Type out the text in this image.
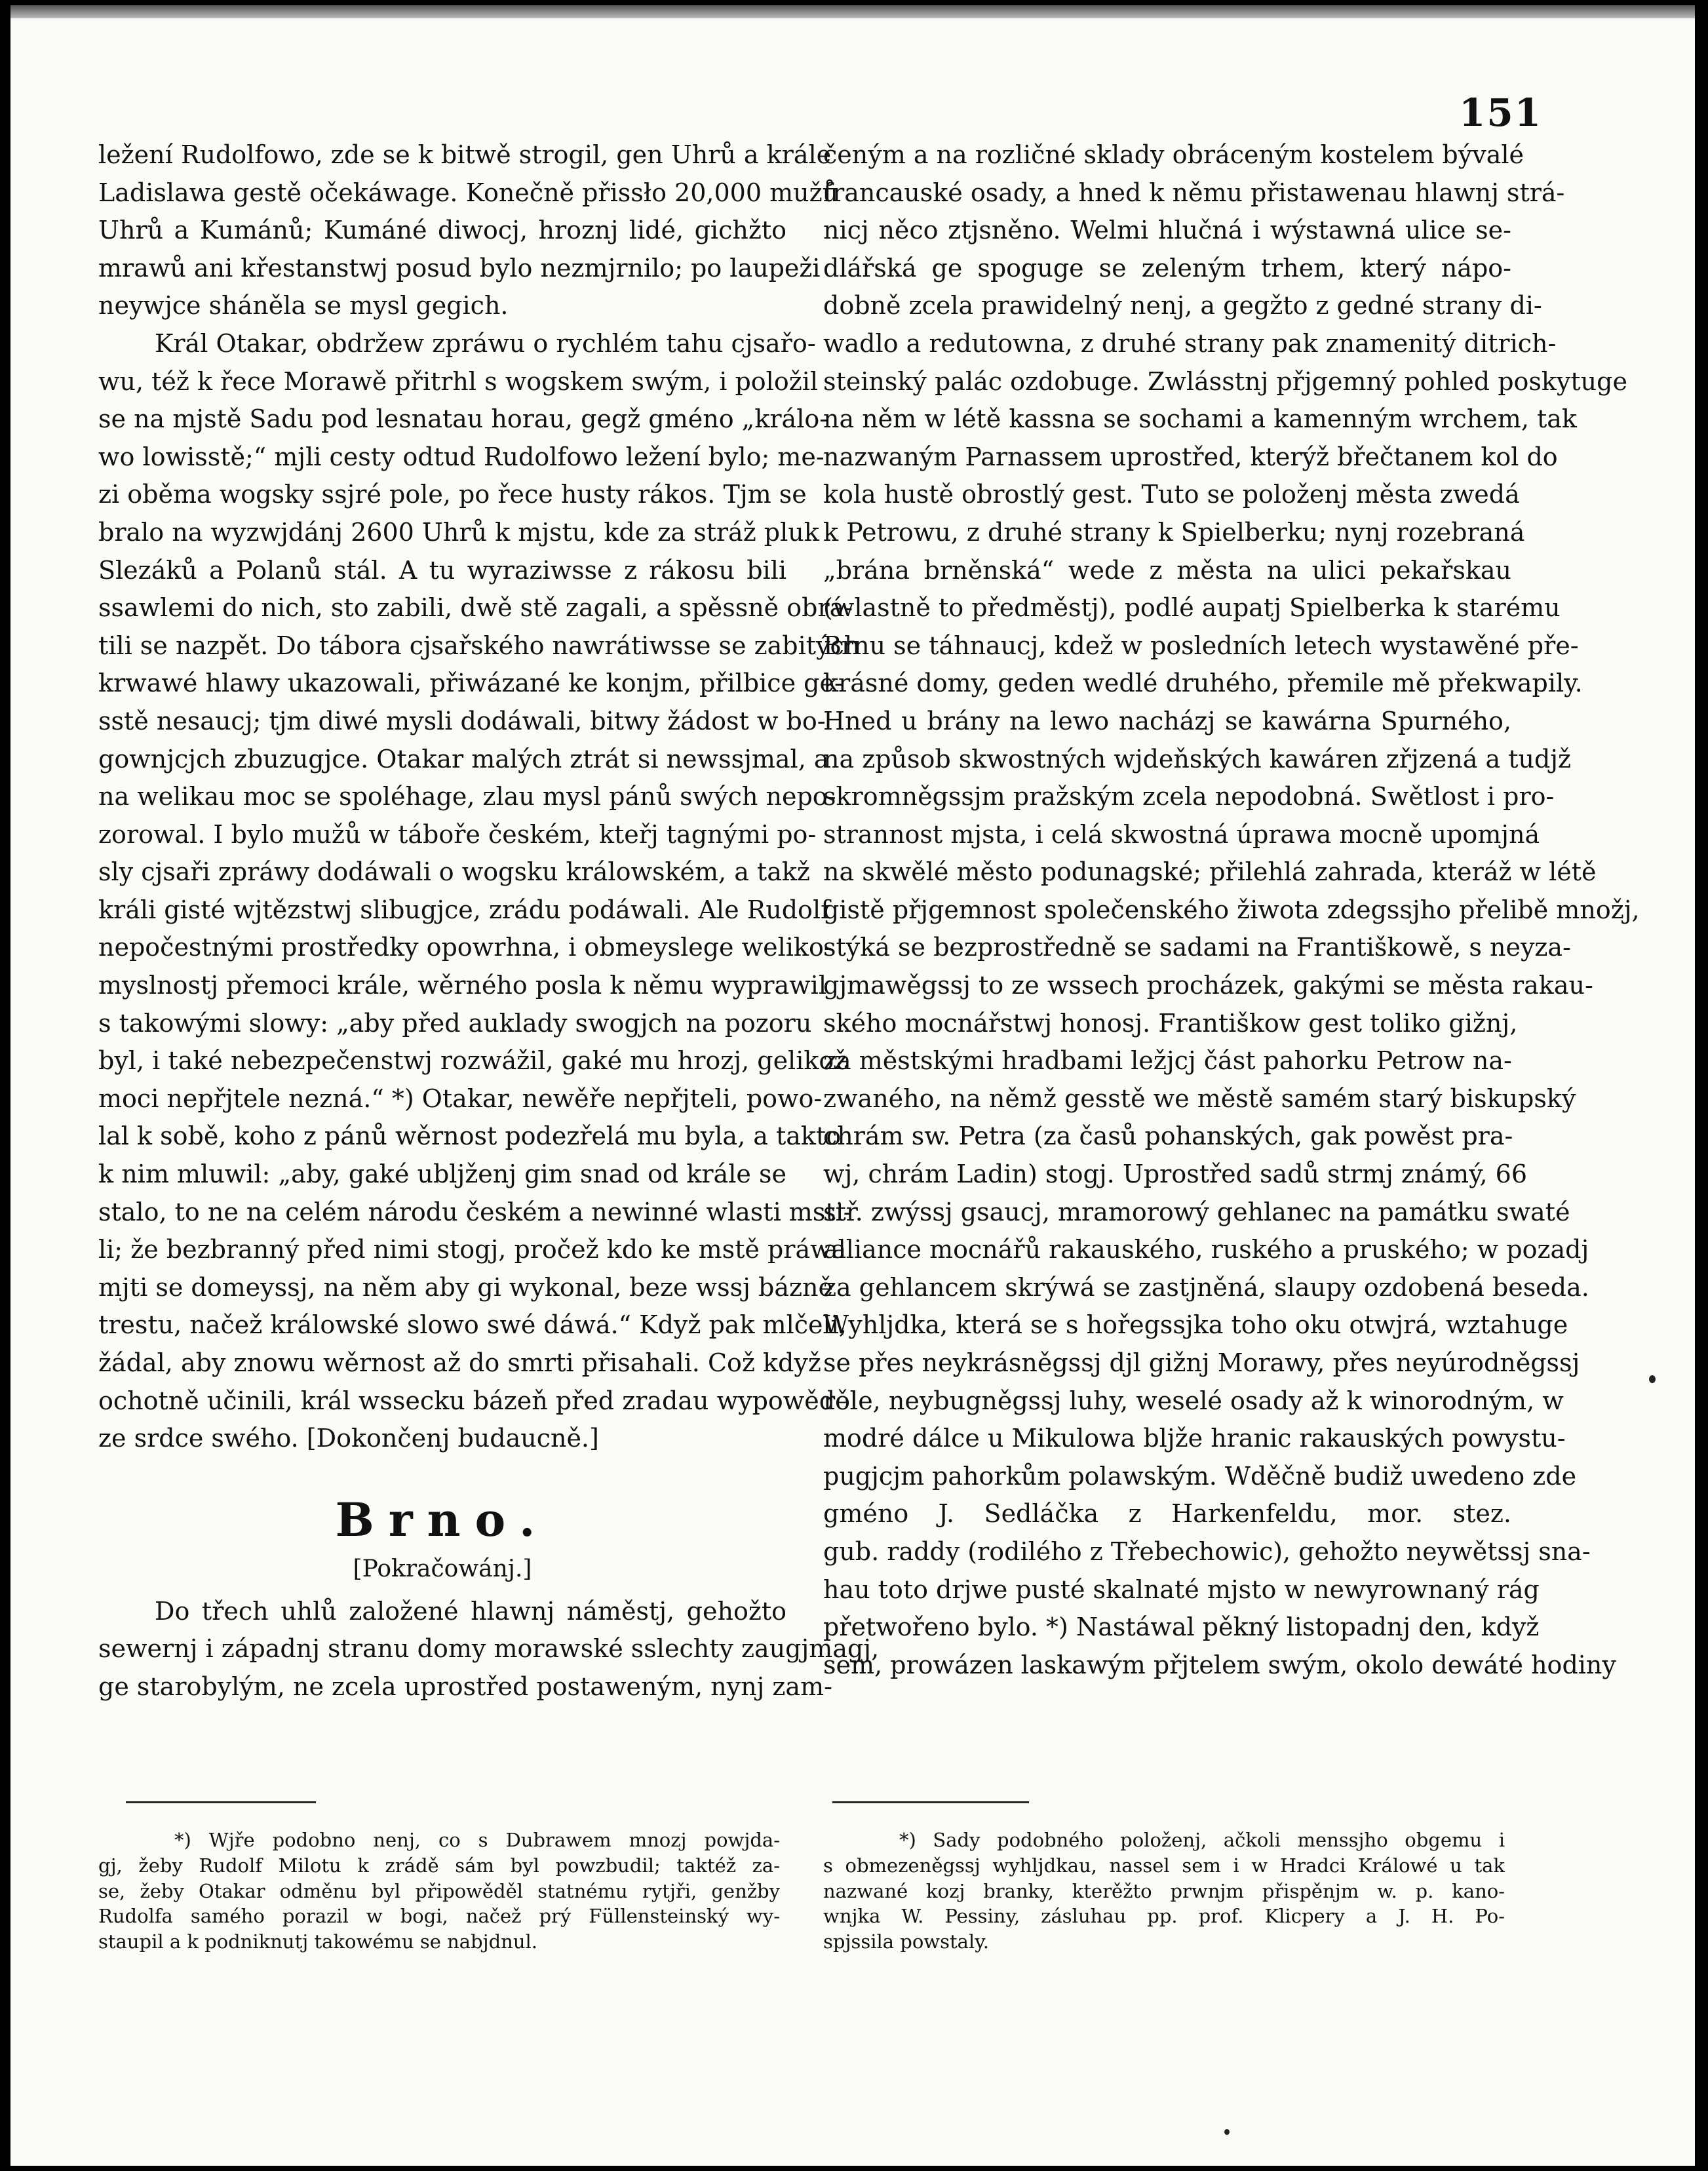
151
ležení Rudolfowo, zde se k bitwě strogil, gen Uhrů a krále
Ladislawa gestě očekáwage. Konečně přissło 20,000 mužů
Uhrů a Kumánů; Kumáné diwocj, hroznj lidé, gichžto
mrawů ani křestanstwj posud bylo nezmjrnilo; po laupeži
neywjce sháněla se mysl gegich.
Král Otakar, obdržew zpráwu o rychlém tahu cjsařo-
wu, též k řece Morawě přitrhl s wogskem swým, i položil
se na mjstě Sadu pod lesnatau horau, gegž gméno „králo-
wo lowisstě;“ mjli cesty odtud Rudolfowo ležení bylo; me-
zi oběma wogsky ssjré pole, po řece husty rákos. Tjm se
bralo na wyzwjdánj 2600 Uhrů k mjstu, kde za stráž pluk
Slezáků a Polanů stál. A tu wyraziwsse z rákosu bili
ssawlemi do nich, sto zabili, dwě stě zagali, a spěssně obrá-
tili se nazpět. Do tábora cjsařského nawrátiwsse se zabitých
krwawé hlawy ukazowali, přiwázané ke konjm, přilbice ge-
sstě nesaucj; tjm diwé mysli dodáwali, bitwy žádost w bo-
gownjcjch zbuzugjce. Otakar malých ztrát si newssjmal, a
na welikau moc se spoléhage, zlau mysl pánů swých nepo-
zorowal. I bylo mužů w táboře českém, kteřj tagnými po-
sly cjsaři zpráwy dodáwali o wogsku králowském, a takž
králi gisté wjtězstwj slibugjce, zrádu podáwali. Ale Rudolf
nepočestnými prostředky opowrhna, i obmeyslege weliko-
myslnostj přemoci krále, wěrného posla k němu wyprawil
s takowými slowy: „aby před auklady swogjch na pozoru
byl, i také nebezpečenstwj rozwážil, gaké mu hrozj, gelikož
moci nepřjtele nezná.“ *) Otakar, newěře nepřjteli, powo-
lal k sobě, koho z pánů wěrnost podezřelá mu byla, a takto
k nim mluwil: „aby, gaké ublјženj gim snad od krále se
stalo, to ne na celém národu českém a newinné wlasti msti-
li; že bezbranný před nimi stogj, pročež kdo ke mstě práwa
mjti se domeyssj, na něm aby gi wykonal, beze wssj bázně
trestu, načež králowské slowo swé dáwá.“ Když pak mlčeli,
žádal, aby znowu wěrnost až do smrti přisahali. Což když
ochotně učinili, král wssecku bázeň před zradau wypowěděl
ze srdce swého. [Dokončenj budaucně.]
Brno.
[Pokračowánj.]
Do třech uhlů založené hlawnj náměstj, gehožto
sewernj i západnj stranu domy morawské sslechty zaugjmagj,
ge starobylým, ne zcela uprostřed postaweným, nynj zam-
čeným a na rozličné sklady obráceným kostelem bývalé
francauské osady, a hned k němu přistawenau hlawnj strá-
nicj něco ztjsněno. Welmi hlučná i wýstawná ulice se-
dlářská ge spoguge se zeleným trhem, který nápo-
dobně zcela prawidelný nenj, a gegžto z gedné strany di-
wadlo a redutowna, z druhé strany pak znamenitý ditrich-
steinský palác ozdobuge. Zwlásstnj přjgemný pohled poskytuge
na něm w létě kassna se sochami a kamenným wrchem, tak
nazwaným Parnassem uprostřed, kterýž břečtanem kol do
kola hustě obrostlý gest. Tuto se položenj města zwedá
k Petrowu, z druhé strany k Spielberku; nynj rozebraná
„brána brněnská“ wede z města na ulici pekařskau
(wlastně to předměstj), podlé aupatj Spielberka k starému
Brnu se táhnaucj, kdež w posledních letech wystawěné pře-
krásné domy, geden wedlé druhého, přemile mě překwapily.
Hned u brány na lewo nacházj se kawárna Spurného,
na způsob skwostných wjdeňských kawáren zřjzená a tudjž
skromněgssjm pražským zcela nepodobná. Swětlost i pro-
strannost mjsta, i celá skwostná úprawa mocně upomjná
na skwělé město podunagské; přilehlá zahrada, kteráž w létě
gistě přjgemnost společenského žiwota zdegssjho přelibě množj,
stýká se bezprostředně se sadami na Františkowě, s neyza-
gjmawěgssj to ze wssech procházek, gakými se města rakau-
ského mocnářstwj honosj. Františkow gest toliko gižnj,
za městskými hradbami ležjcj část pahorku Petrow na-
zwaného, na němž gesstě we městě samém starý biskupský
chrám sw. Petra (za časů pohanských, gak powěst pra-
wj, chrám Ladin) stogj. Uprostřed sadů strmj známý, 66
stř. zwýssj gsaucj, mramorowý gehlanec na památku swaté
alliance mocnářů rakauského, ruského a pruského; w pozadj
za gehlancem skrýwá se zastjněná, slaupy ozdobená beseda.
Wyhljdka, která se s hořegssjka toho oku otwjrá, wztahuge
se přes neykrásněgssj djl gižnj Morawy, přes neyúrodněgssj
role, neybugněgssj luhy, weselé osady až k winorodným, w
modré dálce u Mikulowa blјže hranic rakauských powystu-
pugjcjm pahorkům polawským. Wděčně budiž uwedeno zde
gméno J. Sedláčka z Harkenfeldu, mor. stez.
gub. raddy (rodilého z Třebechowic), gehožto neywětssj sna-
hau toto drjwe pusté skalnaté mjsto w newyrownaný rág
přetwořeno bylo. *) Nastáwal pěkný listopadnj den, když
sem, prowázen laskawým přjtelem swým, okolo dewáté hodiny
*) Wjře podobno nenj, co s Dubrawem mnozj powjda-
gj, žeby Rudolf Milotu k zrádě sám byl powzbudil; taktéž za-
se, žeby Otakar odměnu byl připowěděl statnému rytjři, genžby
Rudolfa samého porazil w bogi, načež prý Füllensteinský wy-
staupil a k podniknutj takowému se nabjdnul.
*) Sady podobného položenj, ačkoli menssjho obgemu i
s obmezeněgssj wyhljdkau, nassel sem i w Hradci Králowé u tak
nazwané kozj branky, kterěžto prwnjm přispěnjm w. p. kano-
wnjka W. Pessiny, zásluhau pp. prof. Klicpery a J. H. Po-
spjssila powstaly.
